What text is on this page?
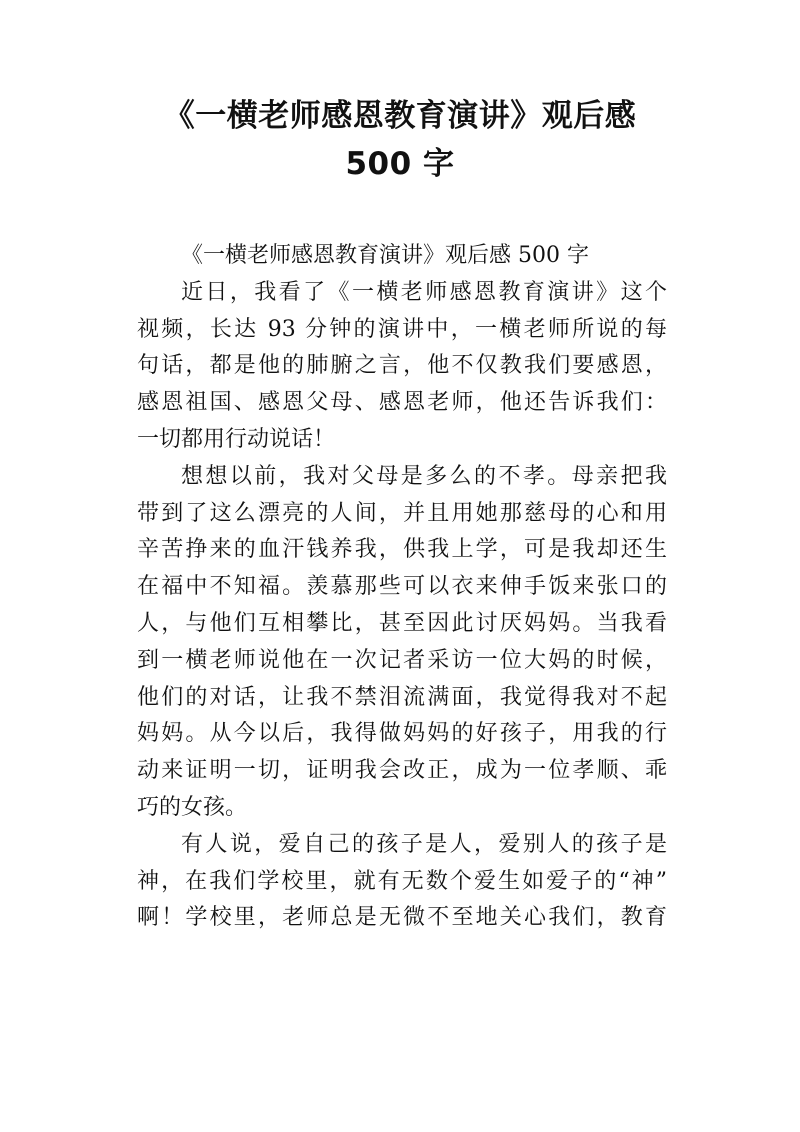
《一横老师感恩教育演讲》观后感
500 字
《一横老师感恩教育演讲》观后感 500 字
近日，我看了《一横老师感恩教育演讲》这个
视频，长达 93 分钟的演讲中，一横老师所说的每
句话，都是他的肺腑之言，他不仅教我们要感恩，
感恩祖国、感恩父母、感恩老师，他还告诉我们：
一切都用行动说话！
想想以前，我对父母是多么的不孝。母亲把我
带到了这么漂亮的人间，并且用她那慈母的心和用
辛苦挣来的血汗钱养我，供我上学，可是我却还生
在福中不知福。羡慕那些可以衣来伸手饭来张口的
人，与他们互相攀比，甚至因此讨厌妈妈。当我看
到一横老师说他在一次记者采访一位大妈的时候，
他们的对话，让我不禁泪流满面，我觉得我对不起
妈妈。从今以后，我得做妈妈的好孩子，用我的行
动来证明一切，证明我会改正，成为一位孝顺、乖
巧的女孩。
有人说，爱自己的孩子是人，爱别人的孩子是
神，在我们学校里，就有无数个爱生如爱子的“神”
啊！学校里，老师总是无微不至地关心我们，教育
